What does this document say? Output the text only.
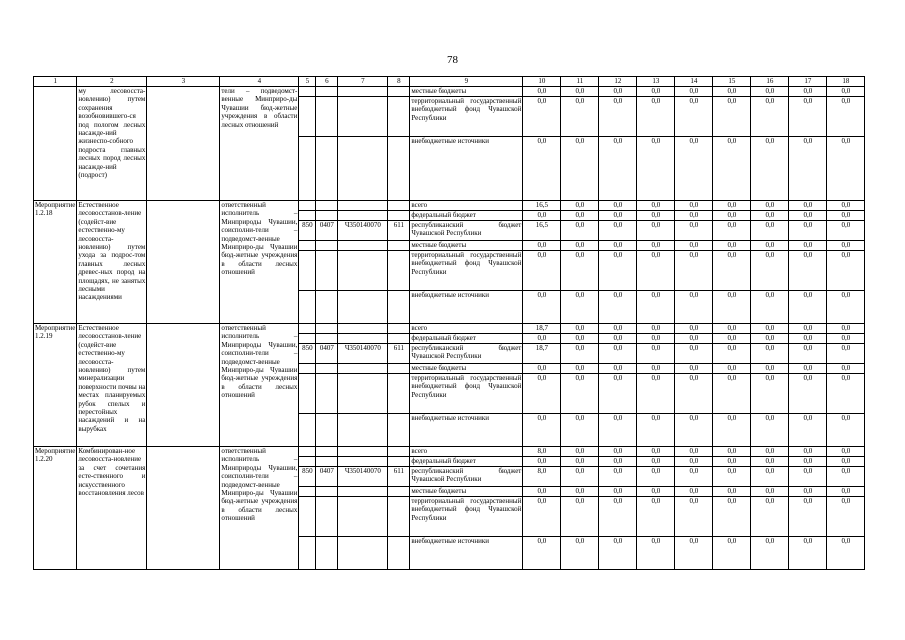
78
1	2	3	4	5	6	7	8	9	10	11	12	13	14	15	16	17	18
	му лесовосста-новлению) путем сохранения возобновившего-ся под пологом лесных насажде-ний жизнеспо-собного подроста главных лесных пород лесных насажде-ний (подрост)		тели – подведомст-венные Минприро-ды Чувашии бюд-жетные учреждения в области лесных отношений					местные бюджеты	0,0	0,0	0,0	0,0	0,0	0,0	0,0	0,0	0,0
								территориальный государственный внебюджетный фонд Чувашской Республики	0,0	0,0	0,0	0,0	0,0	0,0	0,0	0,0	0,0
								внебюджетные источники	0,0	0,0	0,0	0,0	0,0	0,0	0,0	0,0	0,0
Мероприятие 1.2.18	Естественное лесовосстанов-ление (содейст-вие естественно-му лесовосста-новлению) путем ухода за подрос-том главных лесных древес-ных пород на площадях, не занятых лесными насаждениями		ответственный исполнитель – Минприроды Чувашии, соисполни-тели – подведомст-венные Минприро-ды Чувашии бюд-жетные учреждения в области лесных отношений					всего	16,5	0,0	0,0	0,0	0,0	0,0	0,0	0,0	0,0
								федеральный бюджет	0,0	0,0	0,0	0,0	0,0	0,0	0,0	0,0	0,0
				850	0407	Ч350140070	611	республиканский бюджет Чувашской Республики	16,5	0,0	0,0	0,0	0,0	0,0	0,0	0,0	0,0
								местные бюджеты	0,0	0,0	0,0	0,0	0,0	0,0	0,0	0,0	0,0
								территориальный государственный внебюджетный фонд Чувашской Республики	0,0	0,0	0,0	0,0	0,0	0,0	0,0	0,0	0,0
								внебюджетные источники	0,0	0,0	0,0	0,0	0,0	0,0	0,0	0,0	0,0
Мероприятие 1.2.19	Естественное лесовосстанов-ление (содейст-вие естественно-му лесовосста-новлению) путем минерализации поверхности почвы на местах планируемых рубок спелых и перестойных насаждений и на вырубках		ответственный исполнитель – Минприроды Чувашии, соисполни-тели – подведомст-венные Минприро-ды Чувашии бюд-жетные учреждения в области лесных отношений					всего	18,7	0,0	0,0	0,0	0,0	0,0	0,0	0,0	0,0
								федеральный бюджет	0,0	0,0	0,0	0,0	0,0	0,0	0,0	0,0	0,0
				850	0407	Ч350140070	611	республиканский бюджет Чувашской Республики	18,7	0,0	0,0	0,0	0,0	0,0	0,0	0,0	0,0
								местные бюджеты	0,0	0,0	0,0	0,0	0,0	0,0	0,0	0,0	0,0
								территориальный государственный внебюджетный фонд Чувашской Республики	0,0	0,0	0,0	0,0	0,0	0,0	0,0	0,0	0,0
								внебюджетные источники	0,0	0,0	0,0	0,0	0,0	0,0	0,0	0,0	0,0
Мероприятие 1.2.20	Комбинирован-ное лесовосста-новление за счет сочетания есте-ственного и искусственного восстановления лесов		ответственный исполнитель – Минприроды Чувашии, соисполни-тели – подведомст-венные Минприро-ды Чувашии бюд-жетные учреждения в области лесных отношений					всего	8,0	0,0	0,0	0,0	0,0	0,0	0,0	0,0	0,0
								федеральный бюджет	0,0	0,0	0,0	0,0	0,0	0,0	0,0	0,0	0,0
				850	0407	Ч350140070	611	республиканский бюджет Чувашской Республики	8,0	0,0	0,0	0,0	0,0	0,0	0,0	0,0	0,0
								местные бюджеты	0,0	0,0	0,0	0,0	0,0	0,0	0,0	0,0	0,0
								территориальный государственный внебюджетный фонд Чувашской Республики	0,0	0,0	0,0	0,0	0,0	0,0	0,0	0,0	0,0
								внебюджетные источники	0,0	0,0	0,0	0,0	0,0	0,0	0,0	0,0	0,0
